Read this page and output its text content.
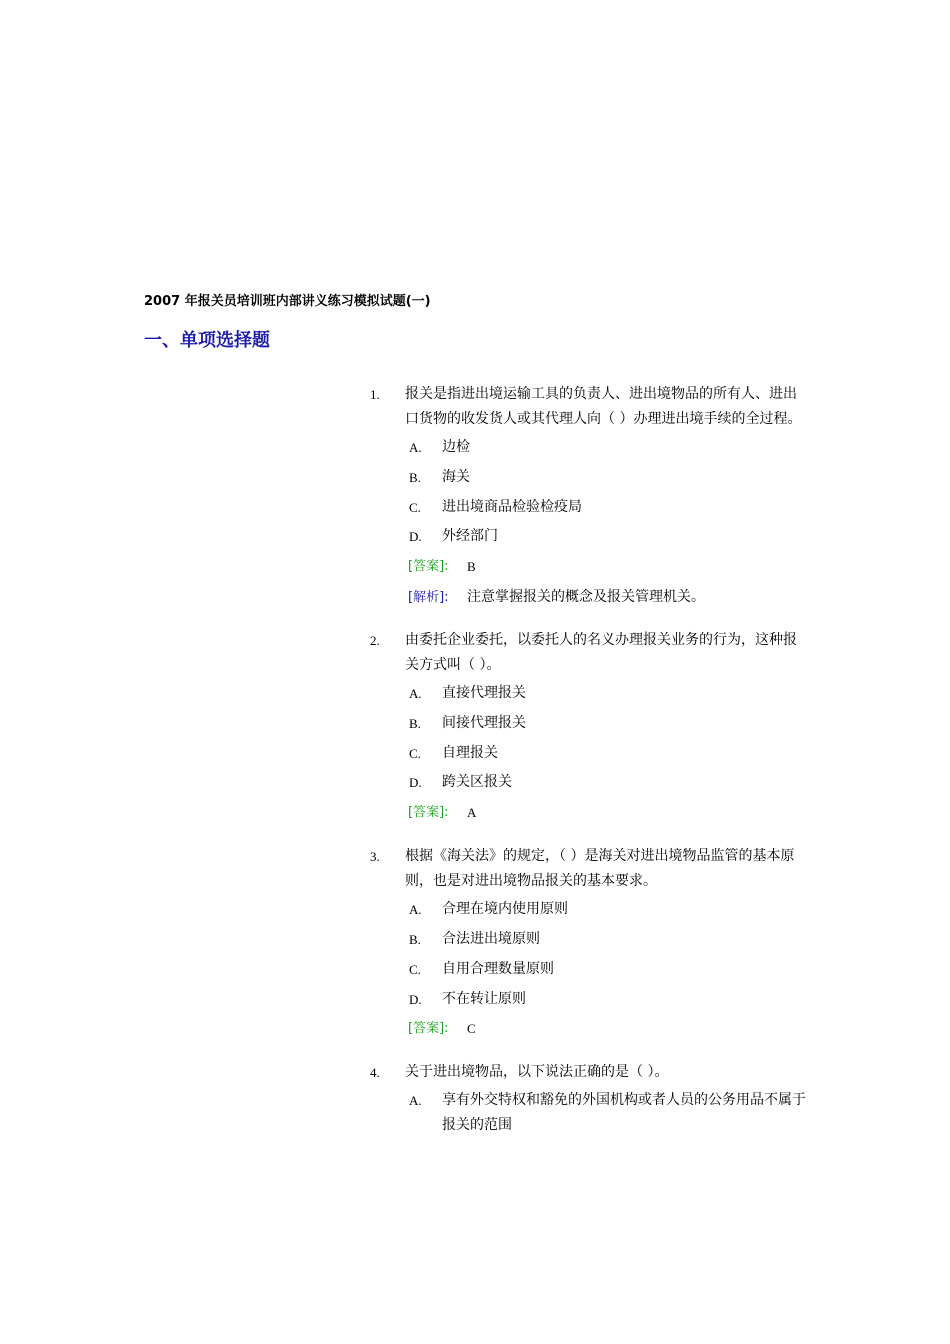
2007 年报关员培训班内部讲义练习模拟试题(一)
一、单项选择题
1. 报关是指进出境运输工具的负责人、进出境物品的所有人、进出口货物的收发货人或其代理人向（ ）办理进出境手续的全过程。
A. 边检
B. 海关
C. 进出境商品检验检疫局
D. 外经部门
[答案]: B
[解析]: 注意掌握报关的概念及报关管理机关。
2. 由委托企业委托，以委托人的名义办理报关业务的行为，这种报关方式叫（ ）。
A. 直接代理报关
B. 间接代理报关
C. 自理报关
D. 跨关区报关
[答案]: A
3. 根据《海关法》的规定，（ ）是海关对进出境物品监管的基本原则，也是对进出境物品报关的基本要求。
A. 合理在境内使用原则
B. 合法进出境原则
C. 自用合理数量原则
D. 不在转让原则
[答案]: C
4. 关于进出境物品，以下说法正确的是（ ）。
A. 享有外交特权和豁免的外国机构或者人员的公务用品不属于报关的范围
